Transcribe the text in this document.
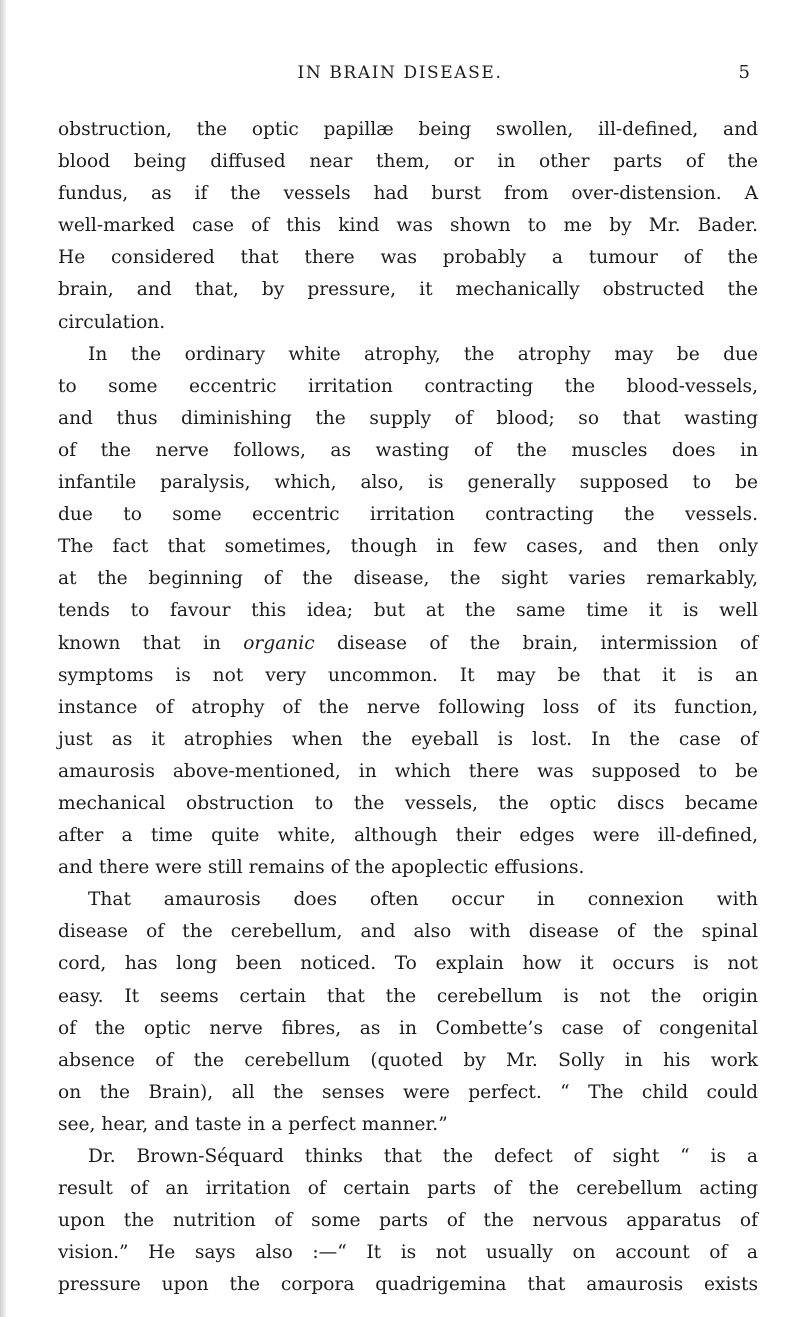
IN BRAIN DISEASE.	5
obstruction, the optic papillæ being swollen, ill-defined, and
blood being diffused near them, or in other parts of the
fundus, as if the vessels had burst from over-distension. A
well-marked case of this kind was shown to me by Mr. Bader.
He considered that there was probably a tumour of the
brain, and that, by pressure, it mechanically obstructed the
circulation.
In the ordinary white atrophy, the atrophy may be due
to some eccentric irritation contracting the blood-vessels,
and thus diminishing the supply of blood; so that wasting
of the nerve follows, as wasting of the muscles does in
infantile paralysis, which, also, is generally supposed to be
due to some eccentric irritation contracting the vessels.
The fact that sometimes, though in few cases, and then only
at the beginning of the disease, the sight varies remarkably,
tends to favour this idea; but at the same time it is well
known that in organic disease of the brain, intermission of
symptoms is not very uncommon. It may be that it is an
instance of atrophy of the nerve following loss of its function,
just as it atrophies when the eyeball is lost. In the case of
amaurosis above-mentioned, in which there was supposed to be
mechanical obstruction to the vessels, the optic discs became
after a time quite white, although their edges were ill-defined,
and there were still remains of the apoplectic effusions.
That amaurosis does often occur in connexion with
disease of the cerebellum, and also with disease of the spinal
cord, has long been noticed. To explain how it occurs is not
easy. It seems certain that the cerebellum is not the origin
of the optic nerve fibres, as in Combette’s case of congenital
absence of the cerebellum (quoted by Mr. Solly in his work
on the Brain), all the senses were perfect. “ The child could
see, hear, and taste in a perfect manner.”
Dr. Brown-Séquard thinks that the defect of sight “ is a
result of an irritation of certain parts of the cerebellum acting
upon the nutrition of some parts of the nervous apparatus of
vision.” He says also :—“ It is not usually on account of a
pressure upon the corpora quadrigemina that amaurosis exists
